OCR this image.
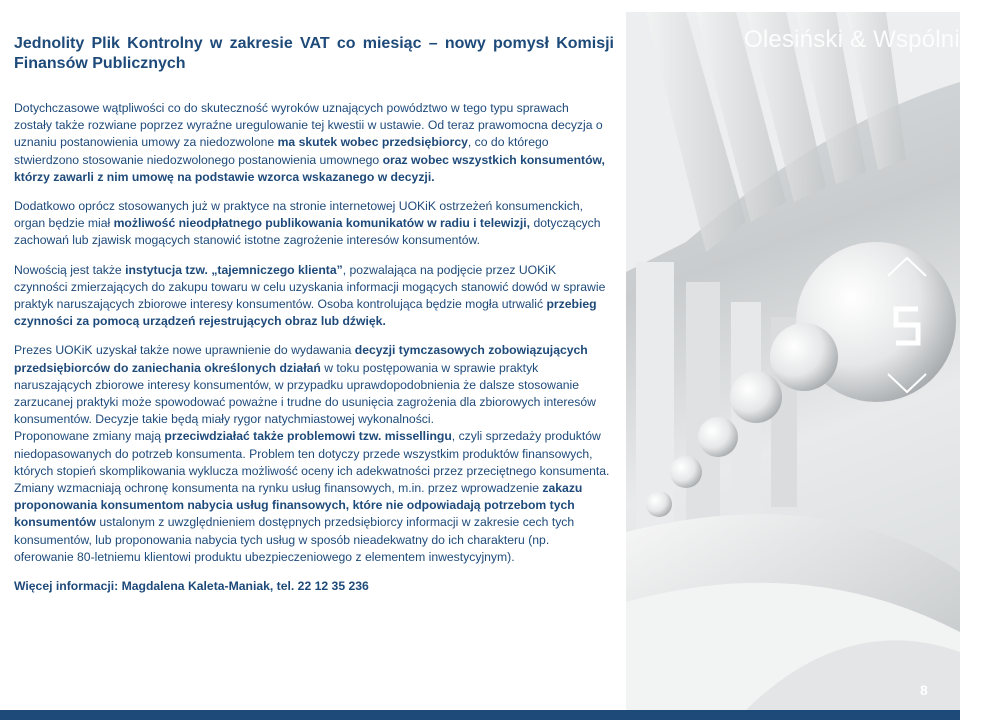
Olesiński & Wspólnicy
Jednolity Plik Kontrolny w zakresie VAT co miesiąc – nowy pomysł Komisji Finansów Publicznych

Dotychczasowe wątpliwości co do skuteczność wyroków uznających powództwo w tego typu sprawach zostały także rozwiane poprzez wyraźne uregulowanie tej kwestii w ustawie. Od teraz prawomocna decyzja o uznaniu postanowienia umowy za niedozwolone ma skutek wobec przedsiębiorcy, co do którego stwierdzono stosowanie niedozwolonego postanowienia umownego oraz wobec wszystkich konsumentów, którzy zawarli z nim umowę na podstawie wzorca wskazanego w decyzji.

Dodatkowo oprócz stosowanych już w praktyce na stronie internetowej UOKiK ostrzeżeń konsumenckich, organ będzie miał możliwość nieodpłatnego publikowania komunikatów w radiu i telewizji, dotyczących zachowań lub zjawisk mogących stanowić istotne zagrożenie interesów konsumentów.

Nowością jest także instytucja tzw. „tajemniczego klienta”, pozwalająca na podjęcie przez UOKiK czynności zmierzających do zakupu towaru w celu uzyskania informacji mogących stanowić dowód w sprawie praktyk naruszających zbiorowe interesy konsumentów. Osoba kontrolująca będzie mogła utrwalić przebieg czynności za pomocą urządzeń rejestrujących obraz lub dźwięk.

Prezes UOKiK uzyskał także nowe uprawnienie do wydawania decyzji tymczasowych zobowiązujących przedsiębiorców do zaniechania określonych działań w toku postępowania w sprawie praktyk naruszających zbiorowe interesy konsumentów, w przypadku uprawdopodobnienia że dalsze stosowanie zarzucanej praktyki może spowodować poważne i trudne do usunięcia zagrożenia dla zbiorowych interesów konsumentów. Decyzje takie będą miały rygor natychmiastowej wykonalności.

Proponowane zmiany mają przeciwdziałać także problemowi tzw. missellingu, czyli sprzedaży produktów niedopasowanych do potrzeb konsumenta. Problem ten dotyczy przede wszystkim produktów finansowych, których stopień skomplikowania wyklucza możliwość oceny ich adekwatności przez przeciętnego konsumenta. Zmiany wzmacniają ochronę konsumenta na rynku usług finansowych, m.in. przez wprowadzenie zakazu proponowania konsumentom nabycia usług finansowych, które nie odpowiadają potrzebom tych konsumentów ustalonym z uwzględnieniem dostępnych przedsiębiorcy informacji w zakresie cech tych konsumentów, lub proponowania nabycia tych usług w sposób nieadekwatny do ich charakteru (np. oferowanie 80-letniemu klientowi produktu ubezpieczeniowego z elementem inwestycyjnym).

Więcej informacji: Magdalena Kaleta-Maniak, tel. 22 12 35 236

8
